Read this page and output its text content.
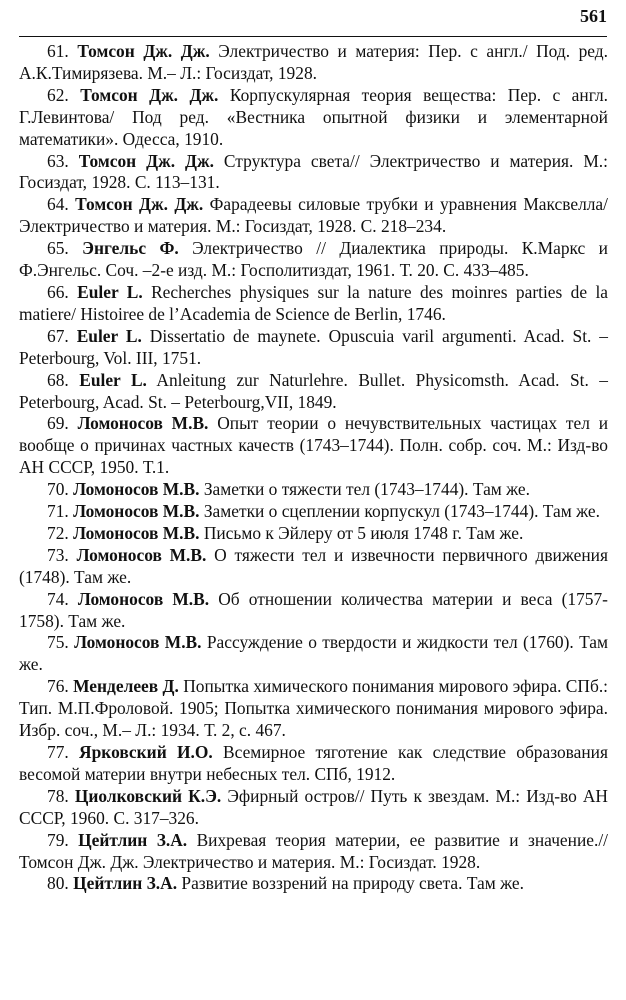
561

61. Томсон Дж. Дж. Электричество и материя: Пер. с англ./ Под. ред. А.К.Тимирязева. М.– Л.: Госиздат, 1928.

62. Томсон Дж. Дж. Корпускулярная теория вещества: Пер. с англ. Г.Левинтова/ Под ред. «Вестника опытной физики и элементарной математики». Одесса, 1910.

63. Томсон Дж. Дж. Структура света// Электричество и материя. М.: Госиздат, 1928. С. 113–131.

64. Томсон Дж. Дж. Фарадеевы силовые трубки и уравнения Максвелла/ Электричество и материя. М.: Госиздат, 1928. С. 218–234.

65. Энгельс Ф. Электричество // Диалектика природы. К.Маркс и Ф.Энгельс. Соч. –2-е изд. М.: Госполитиздат, 1961. Т. 20. С. 433–485.

66. Euler L. Recherches physiques sur la nature des moinres parties de la matiere/ Histoiree de l’Academia de Science de Berlin, 1746.

67. Euler L. Dissertatio de maynete. Opuscuia varil argumenti. Acad. St. – Peterbourg, Vol. III, 1751.

68. Euler L. Anleitung zur Naturlehre. Bullet. Physicomsth. Acad. St. – Peterbourg, Acad. St. – Peterbourg,VII, 1849.

69. Ломоносов М.В. Опыт теории о нечувствительных частицах тел и вообще о причинах частных качеств (1743–1744). Полн. собр. соч. М.: Изд-во АН СССР, 1950. Т.1.

70. Ломоносов М.В. Заметки о тяжести тел (1743–1744). Там же.

71. Ломоносов М.В. Заметки о сцеплении корпускул (1743–1744). Там же.

72. Ломоносов М.В. Письмо к Эйлеру от 5 июля 1748 г. Там же.

73. Ломоносов М.В. О тяжести тел и извечности первичного движения (1748). Там же.

74. Ломоносов М.В. Об отношении количества материи и веса (1757-1758). Там же.

75. Ломоносов М.В. Рассуждение о твердости и жидкости тел (1760). Там же.

76. Менделеев Д. Попытка химического понимания мирового эфира. СПб.: Тип. М.П.Фроловой. 1905; Попытка химического понимания мирового эфира. Избр. соч., М.– Л.: 1934. Т. 2, с. 467.

77. Ярковский И.О. Всемирное тяготение как следствие образования весомой материи внутри небесных тел. СПб, 1912.

78. Циолковский К.Э. Эфирный остров// Путь к звездам. М.: Изд-во АН СССР, 1960. С. 317–326.

79. Цейтлин З.А. Вихревая теория материи, ее развитие и значение.// Томсон Дж. Дж. Электричество и материя. М.: Госиздат. 1928.

80. Цейтлин З.А. Развитие воззрений на природу света. Там же.
